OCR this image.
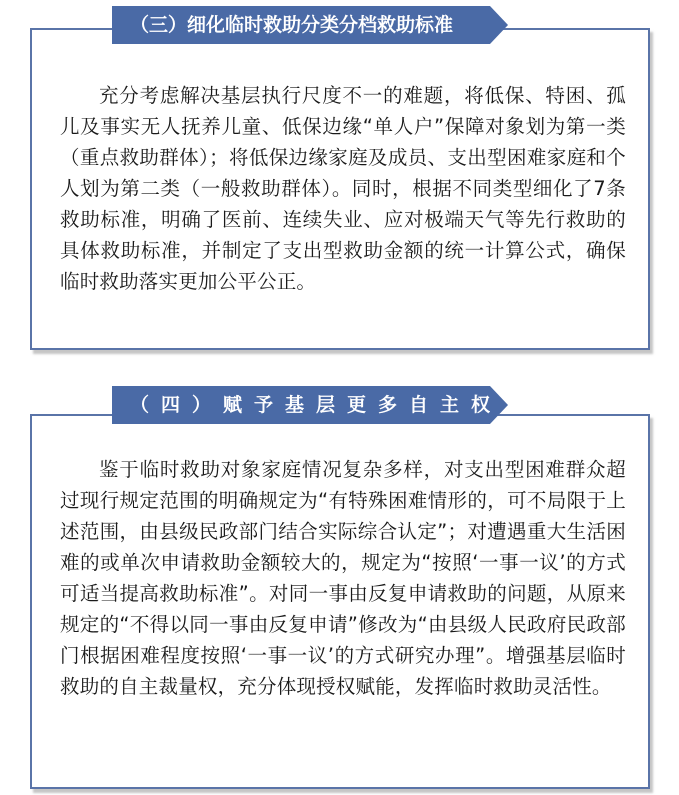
（三）细化临时救助分类分档救助标准
充分考虑解决基层执行尺度不一的难题，将低保、特困、孤儿及事实无人抚养儿童、低保边缘“单人户”保障对象划为第一类（重点救助群体）；将低保边缘家庭及成员、支出型困难家庭和个人划为第二类（一般救助群体）。同时，根据不同类型细化了7条救助标准，明确了医前、连续失业、应对极端天气等先行救助的具体救助标准，并制定了支出型救助金额的统一计算公式，确保临时救助落实更加公平公正。
（四）赋予基层更多自主权
鉴于临时救助对象家庭情况复杂多样，对支出型困难群众超过现行规定范围的明确规定为“有特殊困难情形的，可不局限于上述范围，由县级民政部门结合实际综合认定”；对遭遇重大生活困难的或单次申请救助金额较大的，规定为“按照‘一事一议’的方式可适当提高救助标准”。对同一事由反复申请救助的问题，从原来规定的“不得以同一事由反复申请”修改为“由县级人民政府民政部门根据困难程度按照‘一事一议’的方式研究办理”。增强基层临时救助的自主裁量权，充分体现授权赋能，发挥临时救助灵活性。
